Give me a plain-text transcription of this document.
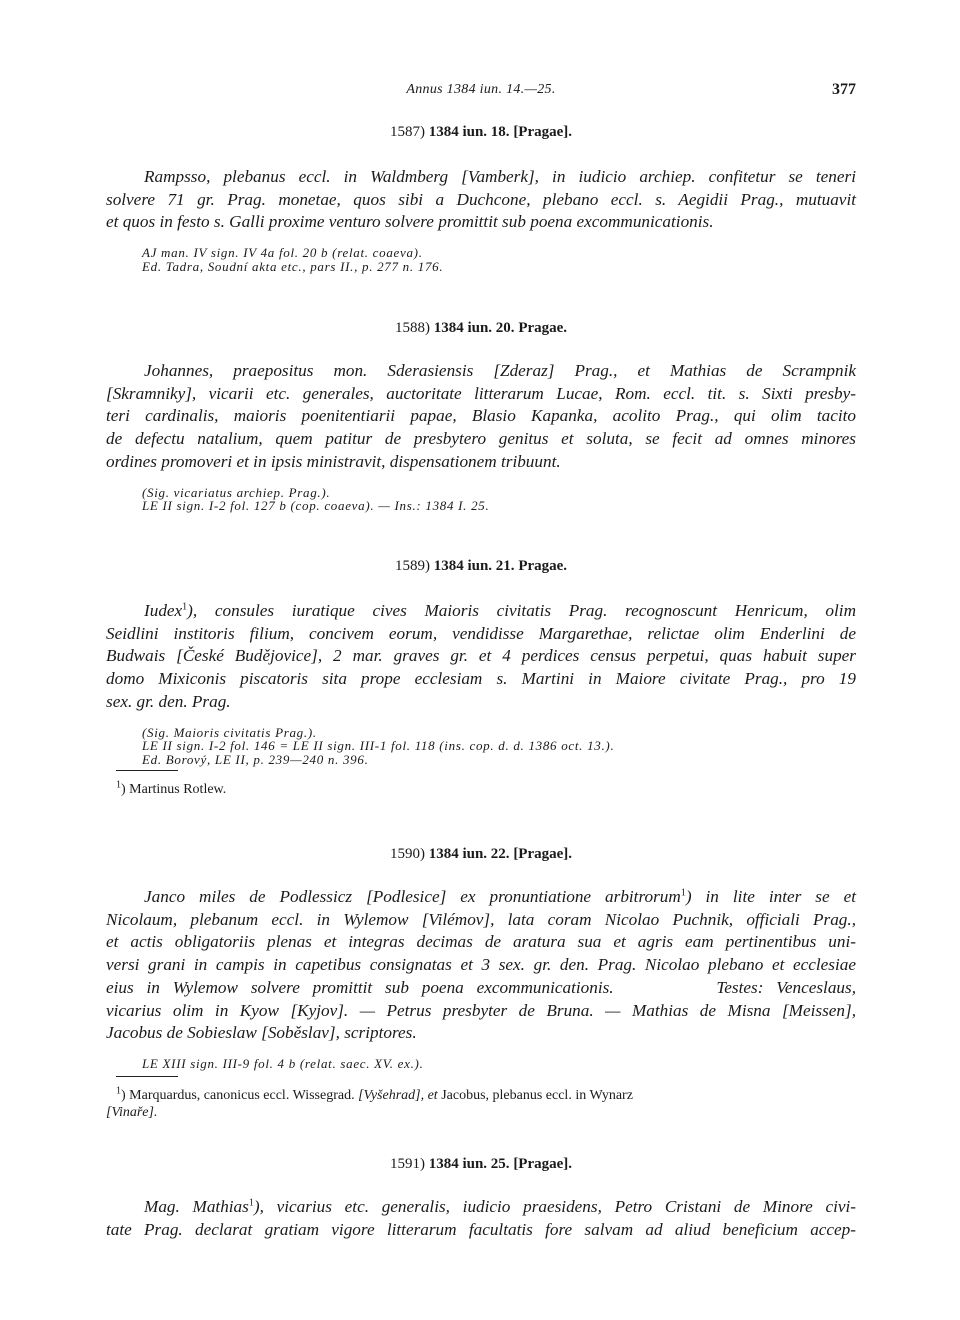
Annus 1384 iun. 14.—25.	377

1587) 1384 iun. 18. [Pragae].

Rampsso, plebanus eccl. in Waldmberg [Vamberk], in iudicio archiep. confitetur se teneri
solvere 71 gr. Prag. monetae, quos sibi a Duchcone, plebano eccl. s. Aegidii Prag., mutuavit
et quos in festo s. Galli proxime venturo solvere promittit sub poena excommunicationis.
AJ man. IV sign. IV 4a fol. 20 b (relat. coaeva).
Ed. Tadra, Soudní akta etc., pars II., p. 277 n. 176.

1588) 1384 iun. 20. Pragae.

Johannes, praepositus mon. Sderasiensis [Zderaz] Prag., et Mathias de Scrampnik
[Skramniky], vicarii etc. generales, auctoritate litterarum Lucae, Rom. eccl. tit. s. Sixti presby-
teri cardinalis, maioris poenitentiarii papae, Blasio Kapanka, acolito Prag., qui olim tacito
de defectu natalium, quem patitur de presbytero genitus et soluta, se fecit ad omnes minores
ordines promoveri et in ipsis ministravit, dispensationem tribuunt.
(Sig. vicariatus archiep. Prag.).
LE II sign. I-2 fol. 127 b (cop. coaeva). — Ins.: 1384 I. 25.

1589) 1384 iun. 21. Pragae.

Iudex$^1$), consules iuratique cives Maioris civitatis Prag. recognoscunt Henricum, olim
Seidlini institoris filium, concivem eorum, vendidisse Margarethae, relictae olim Enderlini de
Budwais [České Budějovice], 2 mar. graves gr. et 4 perdices census perpetui, quas habuit super
domo Mixiconis piscatoris sita prope ecclesiam s. Martini in Maiore civitate Prag., pro 19
sex. gr. den. Prag.
(Sig. Maioris civitatis Prag.).
LE II sign. I-2 fol. 146 = LE II sign. III-1 fol. 118 (ins. cop. d. d. 1386 oct. 13.).
Ed. Borový, LE II, p. 239—240 n. 396.

$^1$) Martinus Rotlew.

1590) 1384 iun. 22. [Pragae].

Janco miles de Podlessicz [Podlesice] ex pronuntiatione arbitrorum$^1$) in lite inter se et
Nicolaum, plebanum eccl. in Wylemow [Vilémov], lata coram Nicolao Puchnik, officiali Prag.,
et actis obligatoriis plenas et integras decimas de aratura sua et agris eam pertinentibus uni-
versi grani in campis in capetibus consignatas et 3 sex. gr. den. Prag. Nicolao plebano et ecclesiae
eius in Wylemow solvere promittit sub poena excommunicationis.        Testes: Venceslaus,
vicarius olim in Kyow [Kyjov]. — Petrus presbyter de Bruna. — Mathias de Misna [Meissen],
Jacobus de Sobieslaw [Soběslav], scriptores.
LE XIII sign. III-9 fol. 4 b (relat. saec. XV. ex.).

$^1$) Marquardus, canonicus eccl. Wissegrad. [Vyšehrad], et Jacobus, plebanus eccl. in Wynarz
[Vinaře].

1591) 1384 iun. 25. [Pragae].

Mag. Mathias$^1$), vicarius etc. generalis, iudicio praesidens, Petro Cristani de Minore civi-
tate Prag. declarat gratiam vigore litterarum facultatis fore salvam ad aliud beneficium accep-
